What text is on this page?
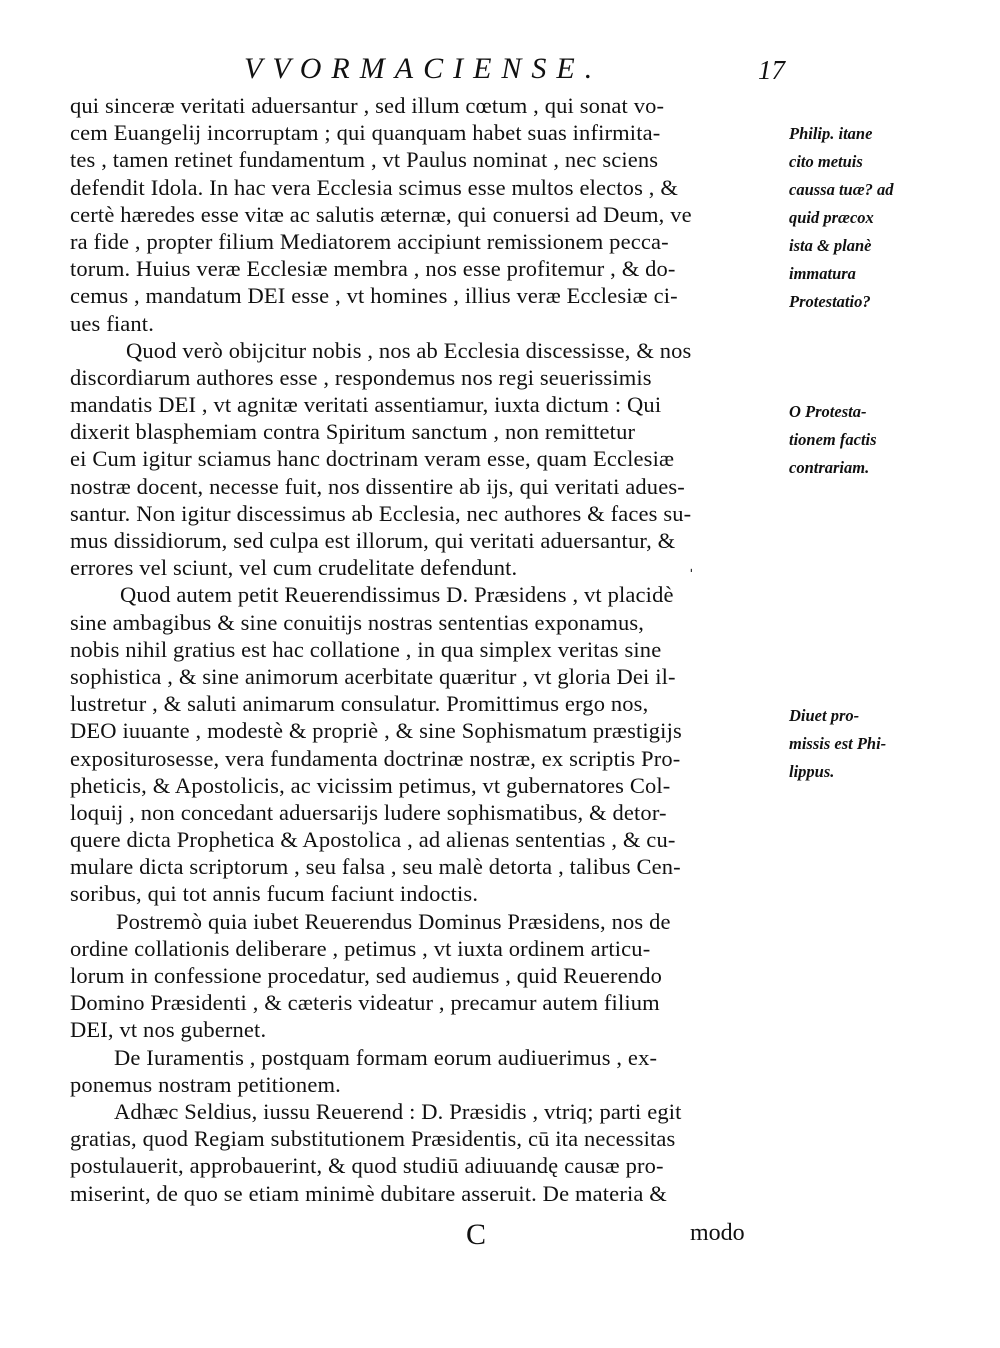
VVORMACIENSE.	17
qui sinceræ veritati aduersantur , sed illum cœtum , qui sonat vo-
cem Euangelij incorruptam ; qui quanquam habet suas infirmita-
tes , tamen retinet fundamentum , vt Paulus nominat , nec sciens
defendit Idola. In hac vera Ecclesia scimus esse multos electos , &
certè hæredes esse vitæ ac salutis æternæ, qui conuersi ad Deum, ve
ra fide , propter filium Mediatorem accipiunt remissionem pecca-
torum. Huius veræ Ecclesiæ membra , nos esse profitemur , & do-
cemus , mandatum DEI esse , vt homines , illius veræ Ecclesiæ ci-
ues fiant.
Quod verò obijcitur nobis , nos ab Ecclesia discessisse, & nos
discordiarum authores esse , respondemus nos regi seuerissimis
mandatis DEI , vt agnitæ veritati assentiamur, iuxta dictum : Qui
dixerit blasphemiam contra Spiritum sanctum , non remittetur
ei Cum igitur sciamus hanc doctrinam veram esse, quam Ecclesiæ
nostræ docent, necesse fuit, nos dissentire ab ijs, qui veritati adues-
santur. Non igitur discessimus ab Ecclesia, nec authores & faces su-
mus dissidiorum, sed culpa est illorum, qui veritati aduersantur, &
errores vel sciunt, vel cum crudelitate defendunt.
Quod autem petit Reuerendissimus D. Præsidens , vt placidè
sine ambagibus & sine conuitijs nostras sententias exponamus,
nobis nihil gratius est hac collatione , in qua simplex veritas sine
sophistica , & sine animorum acerbitate quæritur , vt gloria Dei il-
lustretur , & saluti animarum consulatur. Promittimus ergo nos,
DEO iuuante , modestè & propriè , & sine Sophismatum præstigijs
expositurosesse, vera fundamenta doctrinæ nostræ, ex scriptis Pro-
pheticis, & Apostolicis, ac vicissim petimus, vt gubernatores Col-
loquij , non concedant aduersarijs ludere sophismatibus, & detor-
quere dicta Prophetica & Apostolica , ad alienas sententias , & cu-
mulare dicta scriptorum , seu falsa , seu malè detorta , talibus Cen-
soribus, qui tot annis fucum faciunt indoctis.
Postremò quia iubet Reuerendus Dominus Præsidens, nos de
ordine collationis deliberare , petimus , vt iuxta ordinem articu-
lorum in confessione procedatur, sed audiemus , quid Reuerendo
Domino Præsidenti , & cæteris videatur , precamur autem filium
DEI, vt nos gubernet.
De Iuramentis , postquam formam eorum audiuerimus , ex-
ponemus nostram petitionem.
Adhæc Seldius, iussu Reuerend : D. Præsidis , vtriq; parti egit
gratias, quod Regiam substitutionem Præsidentis, cū ita necessitas
postulauerit, approbauerint, & quod studiū adiuuandę causæ pro-
miserint, de quo se etiam minimè dubitare asseruit. De materia &
Philip. itane
cito metuis
caussa tuæ? ad
quid præcox
ista & planè
immatura
Protestatio?
O Protesta-
tionem factis
contrariam.
Diuet pro-
missis est Phi-
lippus.
ˈ
C	modo
